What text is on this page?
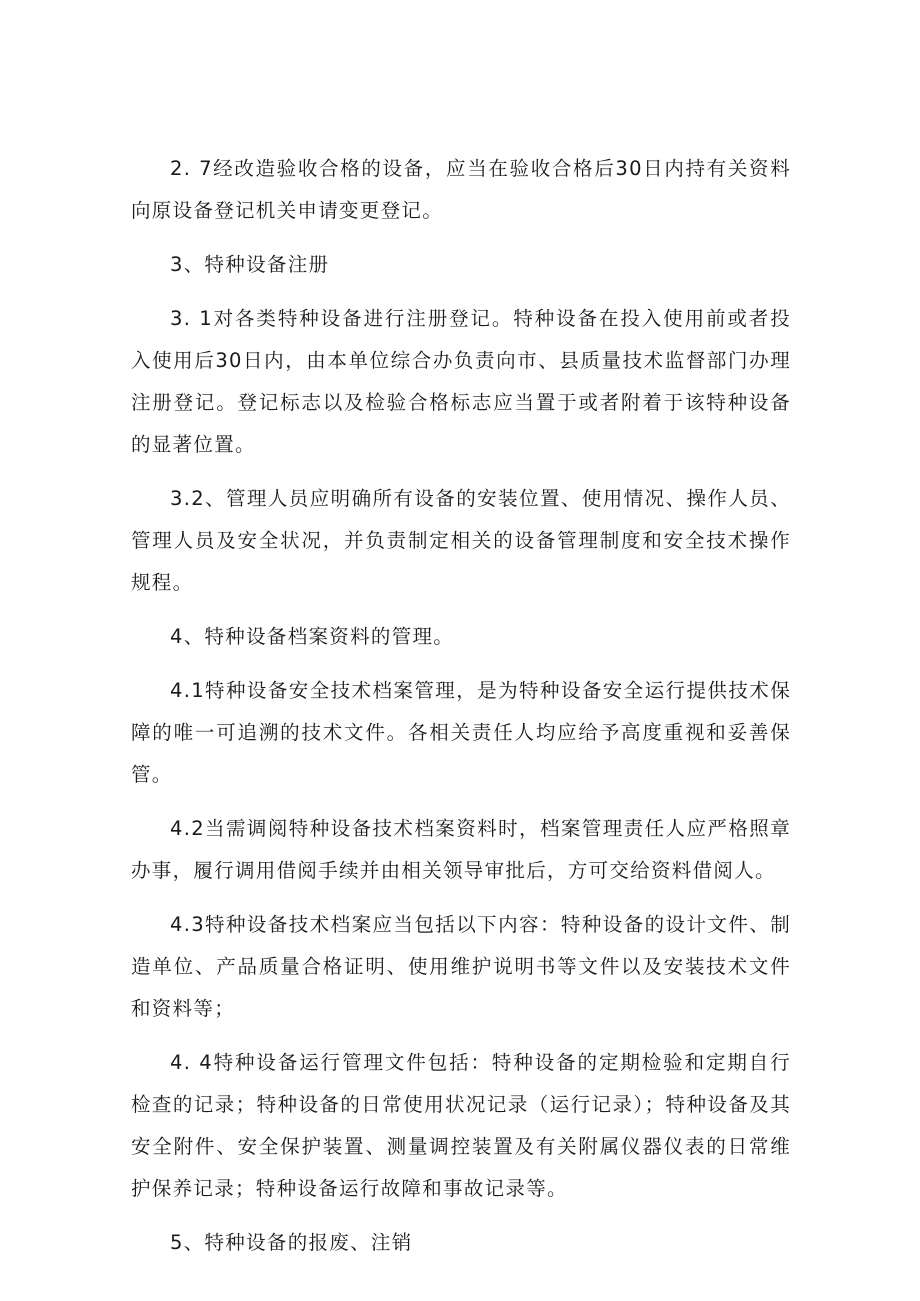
2. 7经改造验收合格的设备，应当在验收合格后30日内持有关资料向原设备登记机关申请变更登记。

3、特种设备注册

3. 1对各类特种设备进行注册登记。特种设备在投入使用前或者投入使用后30日内，由本单位综合办负责向市、县质量技术监督部门办理注册登记。登记标志以及检验合格标志应当置于或者附着于该特种设备的显著位置。

3.2、管理人员应明确所有设备的安装位置、使用情况、操作人员、管理人员及安全状况，并负责制定相关的设备管理制度和安全技术操作规程。

4、特种设备档案资料的管理。

4.1特种设备安全技术档案管理，是为特种设备安全运行提供技术保障的唯一可追溯的技术文件。各相关责任人均应给予高度重视和妥善保管。

4.2当需调阅特种设备技术档案资料时，档案管理责任人应严格照章办事，履行调用借阅手续并由相关领导审批后，方可交给资料借阅人。

4.3特种设备技术档案应当包括以下内容：特种设备的设计文件、制造单位、产品质量合格证明、使用维护说明书等文件以及安装技术文件和资料等；

4. 4特种设备运行管理文件包括：特种设备的定期检验和定期自行检查的记录；特种设备的日常使用状况记录（运行记录）；特种设备及其安全附件、安全保护装置、测量调控装置及有关附属仪器仪表的日常维护保养记录；特种设备运行故障和事故记录等。

5、特种设备的报废、注销
